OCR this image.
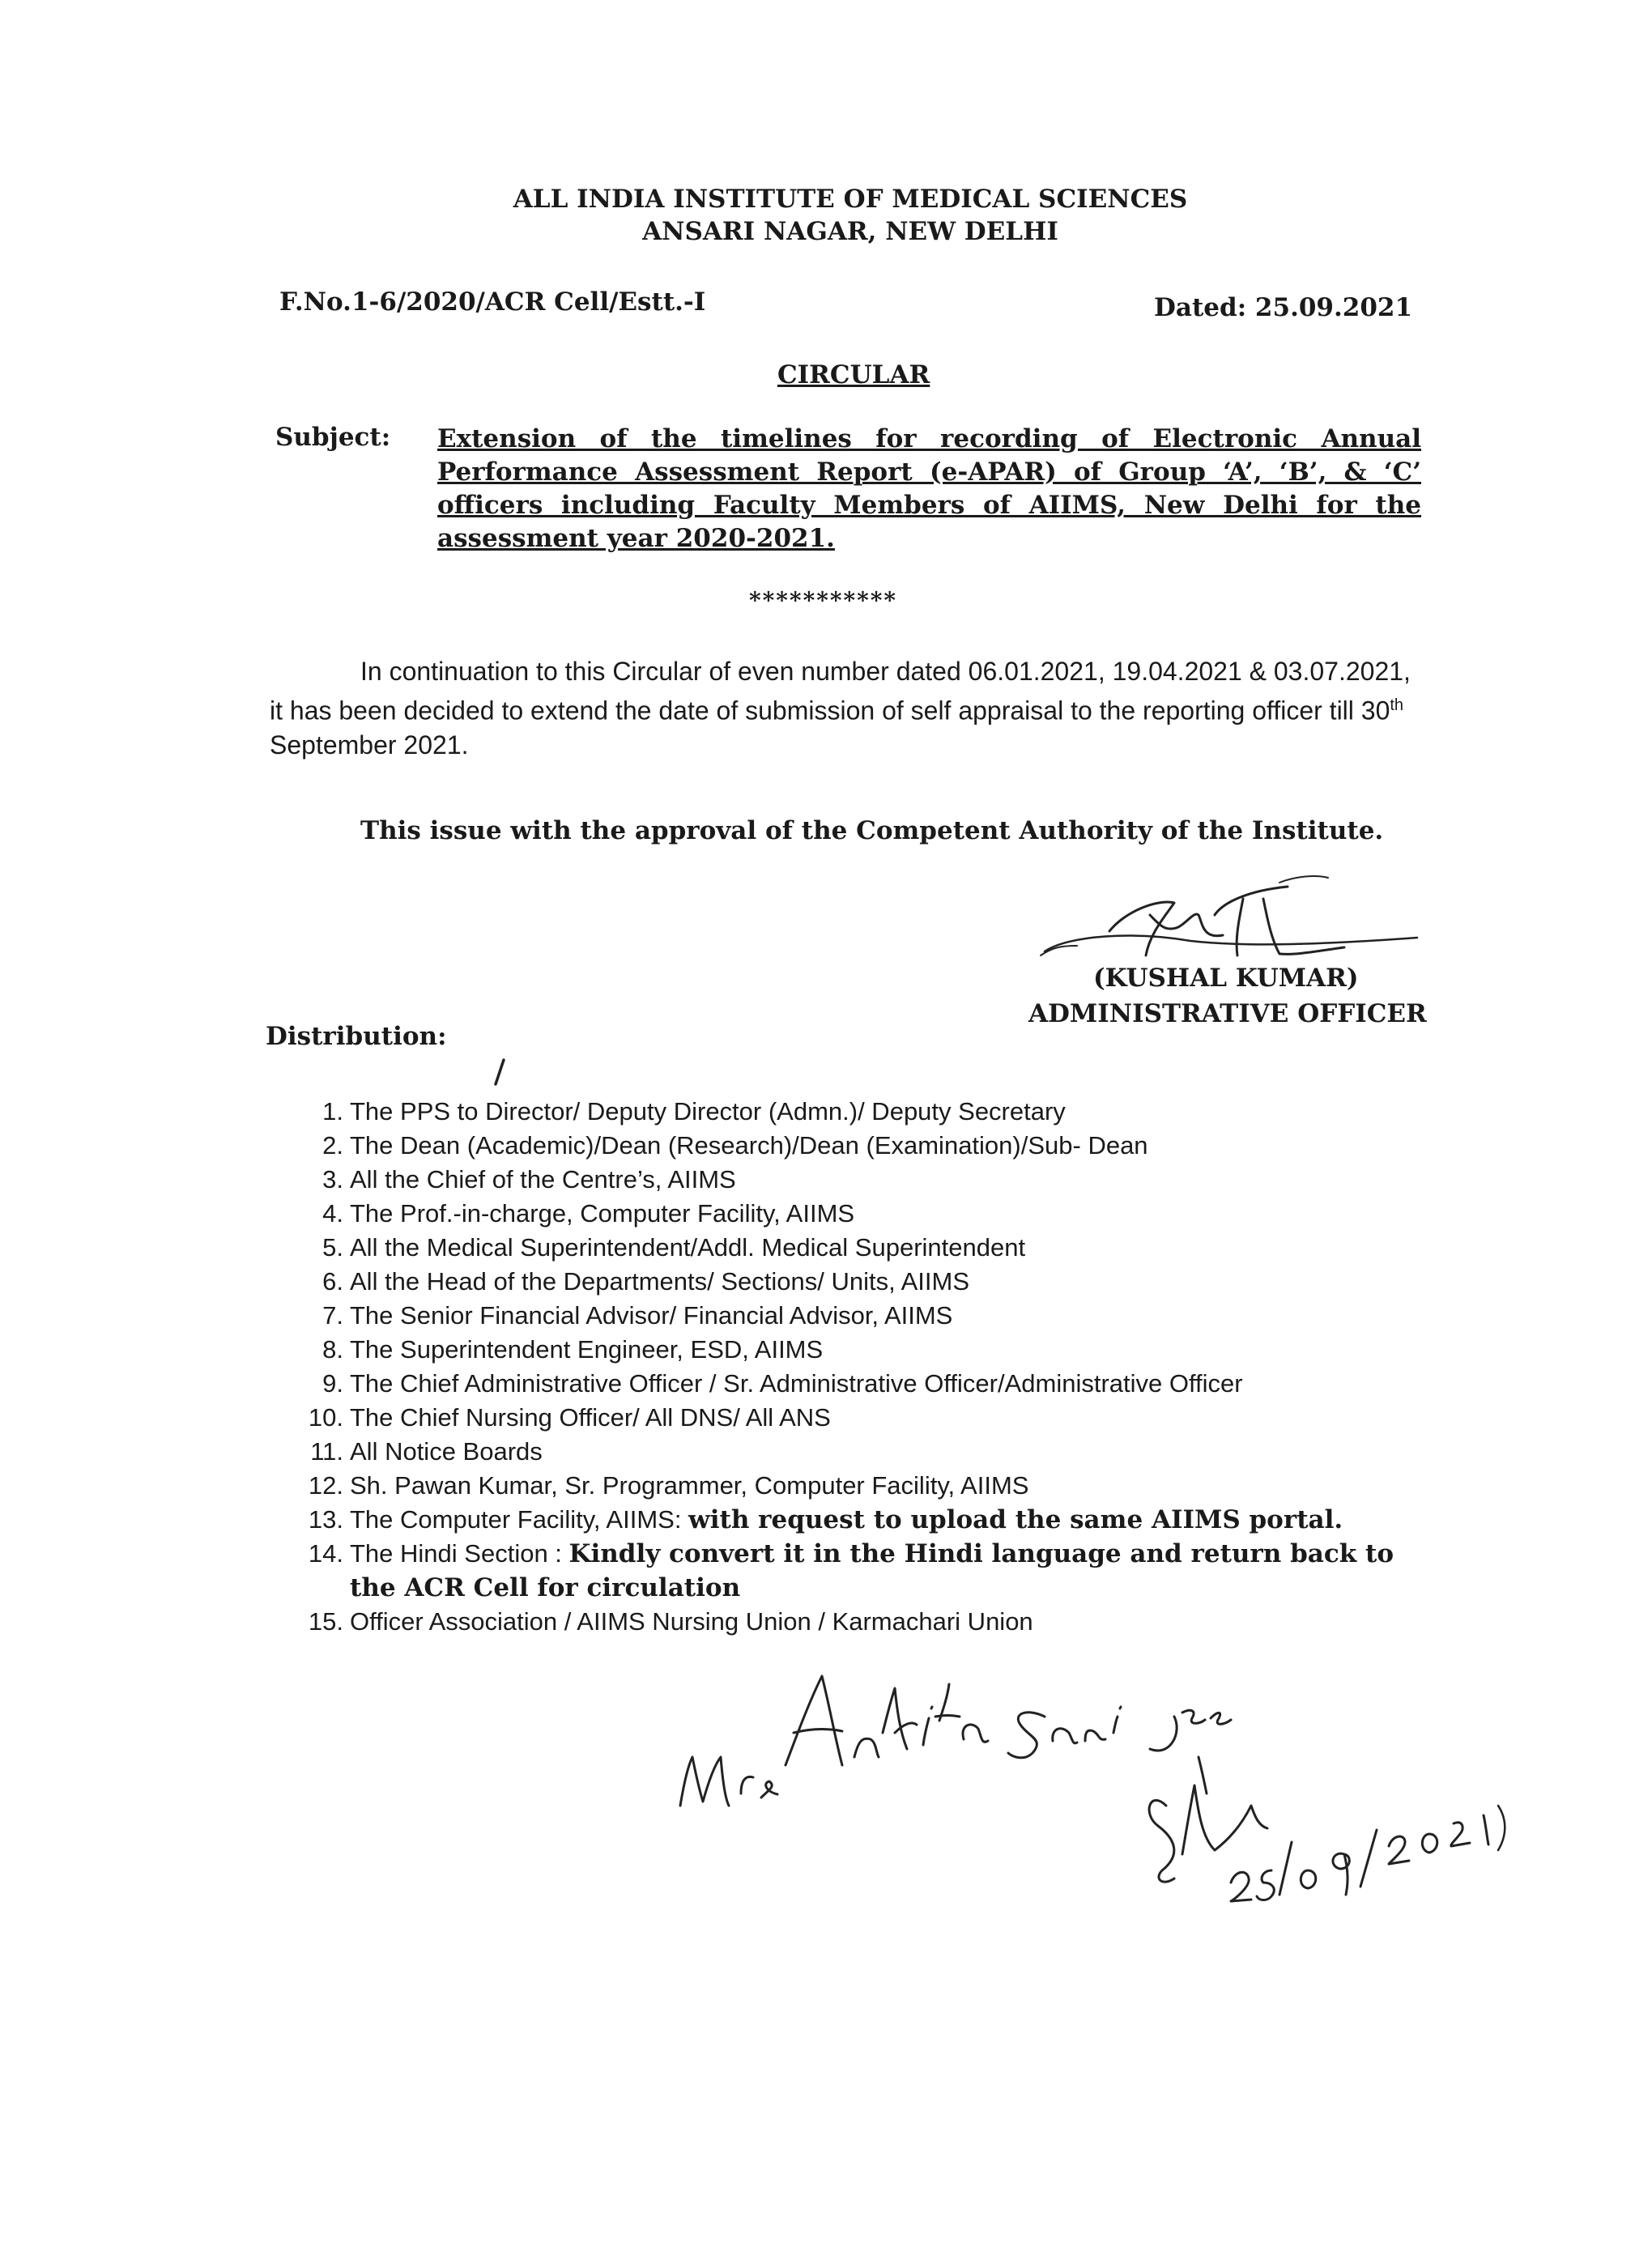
ALL INDIA INSTITUTE OF MEDICAL SCIENCES
ANSARI NAGAR, NEW DELHI
F.No.1-6/2020/ACR Cell/Estt.-I	Dated: 25.09.2021
CIRCULAR
Subject: Extension of the timelines for recording of Electronic Annual Performance Assessment Report (e-APAR) of Group ‘A’, ‘B’, & ‘C’ officers including Faculty Members of AIIMS, New Delhi for the assessment year 2020-2021.
***********
In continuation to this Circular of even number dated 06.01.2021, 19.04.2021 & 03.07.2021, it has been decided to extend the date of submission of self appraisal to the reporting officer till 30th September 2021.
This issue with the approval of the Competent Authority of the Institute.
(KUSHAL KUMAR)
ADMINISTRATIVE OFFICER
Distribution:
1. The PPS to Director/ Deputy Director (Admn.)/ Deputy Secretary
2. The Dean (Academic)/Dean (Research)/Dean (Examination)/Sub- Dean
3. All the Chief of the Centre’s, AIIMS
4. The Prof.-in-charge, Computer Facility, AIIMS
5. All the Medical Superintendent/Addl. Medical Superintendent
6. All the Head of the Departments/ Sections/ Units, AIIMS
7. The Senior Financial Advisor/ Financial Advisor, AIIMS
8. The Superintendent Engineer, ESD, AIIMS
9. The Chief Administrative Officer / Sr. Administrative Officer/Administrative Officer
10. The Chief Nursing Officer/ All DNS/ All ANS
11. All Notice Boards
12. Sh. Pawan Kumar, Sr. Programmer, Computer Facility, AIIMS
13. The Computer Facility, AIIMS: with request to upload the same AIIMS portal.
14. The Hindi Section : Kindly convert it in the Hindi language and return back to the ACR Cell for circulation
15. Officer Association / AIIMS Nursing Union / Karmachari Union
